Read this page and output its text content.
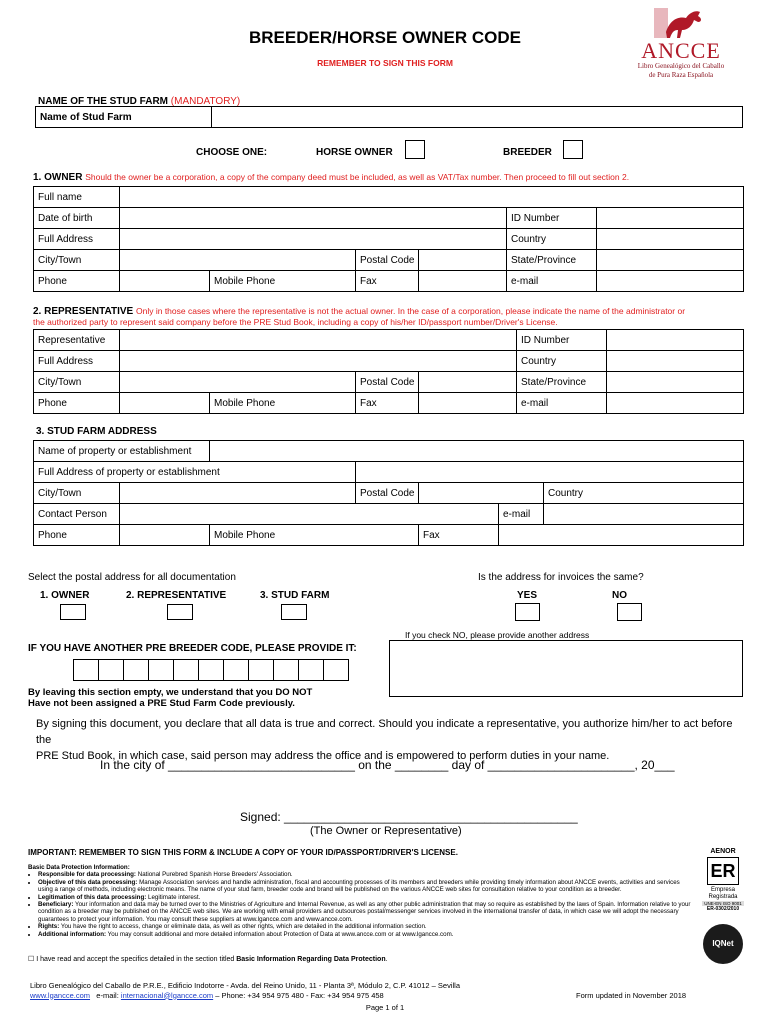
BREEDER/HORSE OWNER CODE
REMEMBER TO SIGN THIS FORM	ANCCE
Libro Genealógico del Caballo
de Pura Raza Española
NAME OF THE STUD FARM (MANDATORY)
Name of Stud Farm	
CHOOSE ONE:	HORSE OWNER	BREEDER
1. OWNER Should the owner be a corporation, a copy of the company deed must be included, as well as VAT/Tax number. Then proceed to fill out section 2.
Full name						
Date of birth					ID Number	
Full Address					Country	
City/Town			Postal Code		State/Province	
Phone		Mobile Phone	Fax		e-mail	
2. REPRESENTATIVE Only in those cases where the representative is not the actual owner. In the case of a corporation, please indicate the name of the administrator or
the authorized party to represent said company before the PRE Stud Book, including a copy of his/her ID/passport number/Driver's License.
Representative					ID Number	
Full Address					Country	
City/Town			Postal Code		State/Province	
Phone		Mobile Phone	Fax		e-mail	
3. STUD FARM ADDRESS
Name of property or establishment						
Full Address of property or establishment						
City/Town			Postal Code			Country
Contact Person					e-mail	
Phone		Mobile Phone		Fax		
Select the postal address for all documentation
1. OWNER	2. REPRESENTATIVE	3. STUD FARM
Is the address for invoices the same?
YES	NO
If you check NO, please provide another address
IF YOU HAVE ANOTHER PRE BREEDER CODE, PLEASE PROVIDE IT:
By leaving this section empty, we understand that you DO NOT
Have not been assigned a PRE Stud Farm Code previously.
By signing this document, you declare that all data is true and correct. Should you indicate a representative, you authorize him/her to act before the
PRE Stud Book, in which case, said person may address the office and is empowered to perform duties in your name.
In the city of ____________________________ on the ________ day of ______________________, 20___
Signed: ____________________________________________
(The Owner or Representative)
IMPORTANT: REMEMBER TO SIGN THIS FORM & INCLUDE A COPY OF YOUR ID/PASSPORT/DRIVER'S LICENSE.
Basic Data Protection Information:
• Responsible for data processing: National Purebred Spanish Horse Breeders' Association.
• Objective of this data processing: Manage Association services and handle administration, fiscal and accounting processes of its members and breeders while providing timely information about ANCCE events, activities and services using a range of methods, including electronic means. The name of your stud farm, breeder code and brand will be published on the various ANCCE web sites for consultation relative to your condition as a breeder.
• Legitimation of this data processing: Legitimate interest.
• Beneficiary: Your information and data may be turned over to the Ministries of Agriculture and Internal Revenue, as well as any other public administration that may so require as established by the laws of Spain. Information relative to your condition as a breeder may be published on the ANCCE web sites. We are working with email providers and outsources postal/messenger services involved in the international transfer of data, in which case we will adopt the necessary guarantees to protect your information. You may consult these suppliers at www.lgancce.com and www.ancce.com.
• Rights: You have the right to access, change or eliminate data, as well as other rights, which are detailed in the additional information section.
• Additional information: You may consult additional and more detailed information about Protection of Data at www.ancce.com or at www.lgancce.com.
☐ I have read and accept the specifics detailed in the section titled Basic Information Regarding Data Protection.
AENOR
ER
Empresa Registrada
UNE-EN ISO 9001
ER-0302/2010
IQNet
Libro Genealógico del Caballo de P.R.E., Edificio Indotorre - Avda. del Reino Unido, 11 - Planta 3ª, Módulo 2, C.P. 41012 – Sevilla
www.lgancce.com e-mail: internacional@lgancce.com – Phone: +34 954 975 480 - Fax: +34 954 975 458
Page 1 of 1
Form updated in November 2018
